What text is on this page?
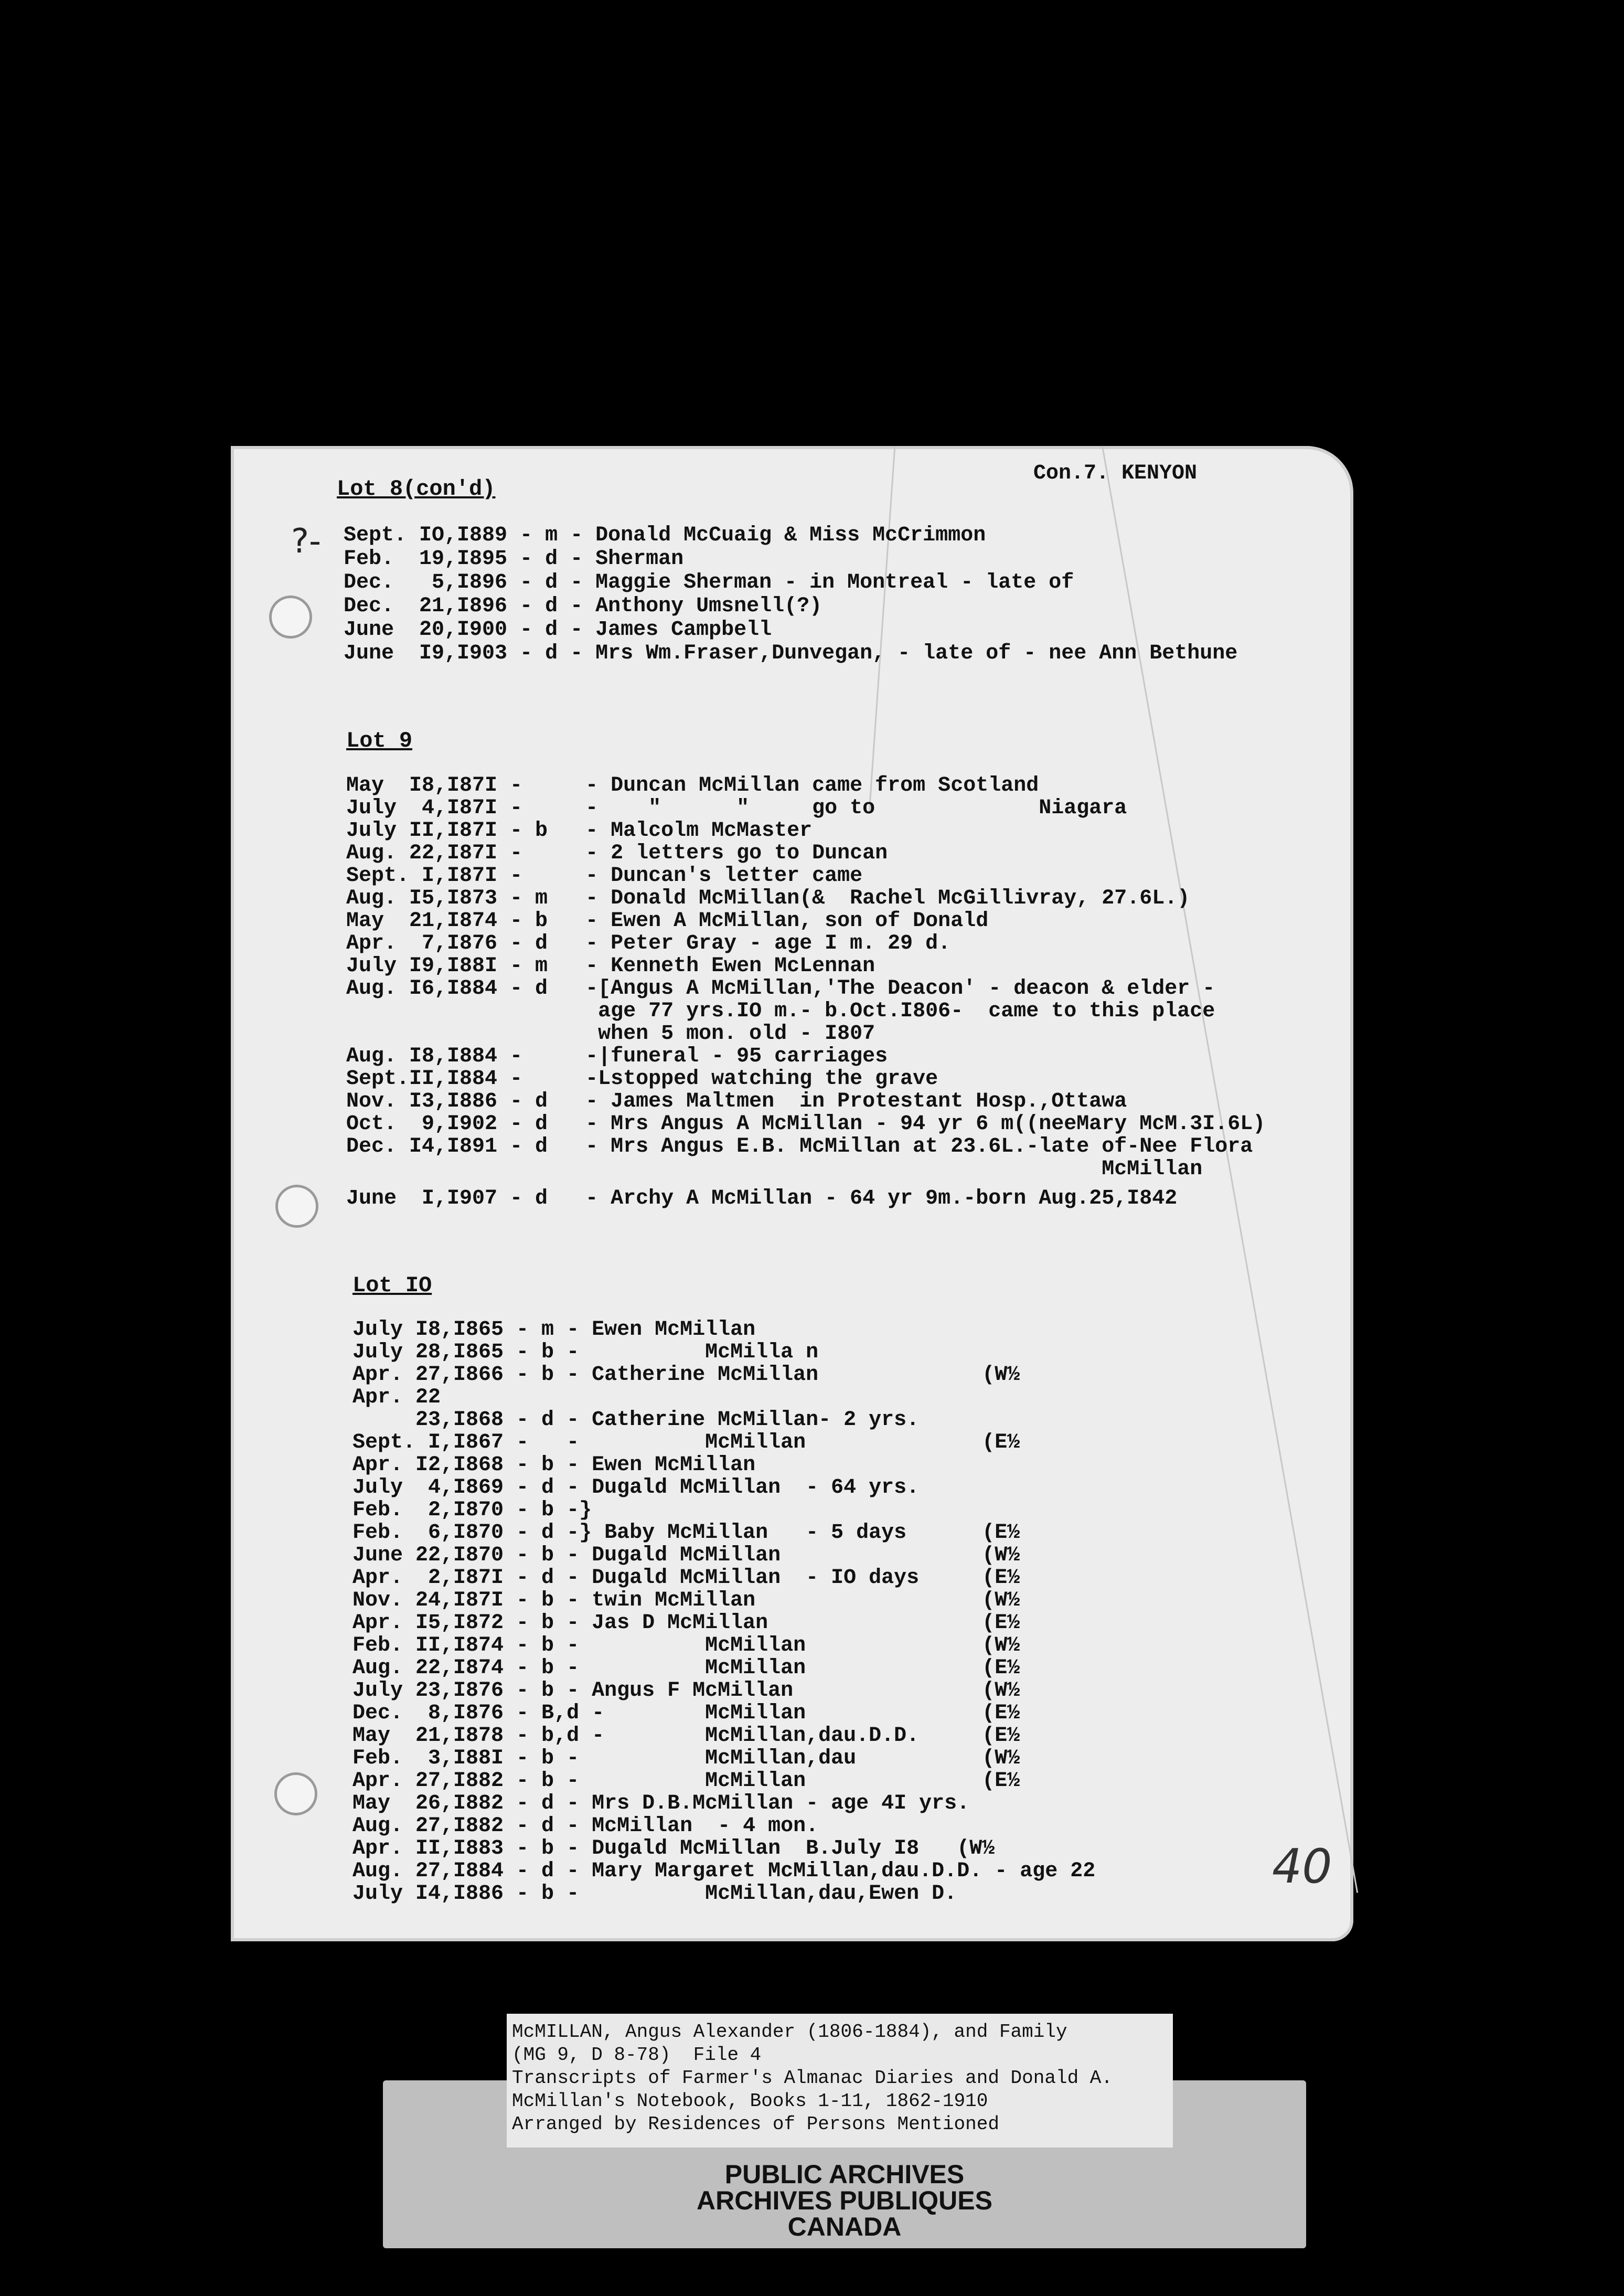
Lot 8(con'd)
Con.7. KENYON
?- Sept. IO,I889 - m - Donald McCuaig & Miss McCrimmon
Feb.  19,I895 - d - Sherman
Dec.   5,I896 - d - Maggie Sherman - in Montreal - late of
Dec.  21,I896 - d - Anthony Umsnell(?)
June  20,I900 - d - James Campbell
June  I9,I903 - d - Mrs Wm.Fraser,Dunvegan, - late of - nee Ann Bethune
Lot 9
May  I8,I87I -     - Duncan McMillan came from Scotland
July  4,I87I -     -    "      "     go to             Niagara
July II,I87I - b   - Malcolm McMaster
Aug. 22,I87I -     - 2 letters go to Duncan
Sept. I,I87I -     - Duncan's letter came
Aug. I5,I873 - m   - Donald McMillan(&  Rachel McGillivray, 27.6L.)
May  21,I874 - b   - Ewen A McMillan, son of Donald
Apr.  7,I876 - d   - Peter Gray - age I m. 29 d.
July I9,I88I - m   - Kenneth Ewen McLennan
Aug. I6,I884 - d   -[Angus A McMillan,'The Deacon' - deacon & elder -
age 77 yrs.IO m.- b.Oct.I806-  came to this place
when 5 mon. old - I807
Aug. I8,I884 -     -|funeral - 95 carriages
Sept.II,I884 -     -Lstopped watching the grave
Nov. I3,I886 - d   - James Maltmen  in Protestant Hosp.,Ottawa
Oct.  9,I902 - d   - Mrs Angus A McMillan - 94 yr 6 m((neeMary McM.3I.6L)
Dec. I4,I891 - d   - Mrs Angus E.B. McMillan at 23.6L.-late of-Nee Flora
McMillan
June  I,I907 - d   - Archy A McMillan - 64 yr 9m.-born Aug.25,I842
Lot IO
July I8,I865 - m - Ewen McMillan
July 28,I865 - b -          McMilla n
Apr. 27,I866 - b - Catherine McMillan             (W½
Apr. 22
23,I868 - d - Catherine McMillan- 2 yrs.
Sept. I,I867 -   -          McMillan              (E½
Apr. I2,I868 - b - Ewen McMillan
July  4,I869 - d - Dugald McMillan  - 64 yrs.
Feb.  2,I870 - b -}
Feb.  6,I870 - d -} Baby McMillan   - 5 days      (E½
June 22,I870 - b - Dugald McMillan                (W½
Apr.  2,I87I - d - Dugald McMillan  - IO days     (E½
Nov. 24,I87I - b - twin McMillan                  (W½
Apr. I5,I872 - b - Jas D McMillan                 (E½
Feb. II,I874 - b -          McMillan              (W½
Aug. 22,I874 - b -          McMillan              (E½
July 23,I876 - b - Angus F McMillan               (W½
Dec.  8,I876 - B,d -        McMillan              (E½
May  21,I878 - b,d -        McMillan,dau.D.D.     (E½
Feb.  3,I88I - b -          McMillan,dau          (W½
Apr. 27,I882 - b -          McMillan              (E½
May  26,I882 - d - Mrs D.B.McMillan - age 4I yrs.
Aug. 27,I882 - d - McMillan  - 4 mon.
Apr. II,I883 - b - Dugald McMillan  B.July I8   (W½
Aug. 27,I884 - d - Mary Margaret McMillan,dau.D.D. - age 22
July I4,I886 - b -          McMillan,dau,Ewen D.	40
PUBLIC ARCHIVES
ARCHIVES PUBLIQUES
CANADA
McMILLAN, Angus Alexander (1806-1884), and Family
(MG 9, D 8-78)  File 4
Transcripts of Farmer's Almanac Diaries and Donald A.
McMillan's Notebook, Books 1-11, 1862-1910
Arranged by Residences of Persons Mentioned
